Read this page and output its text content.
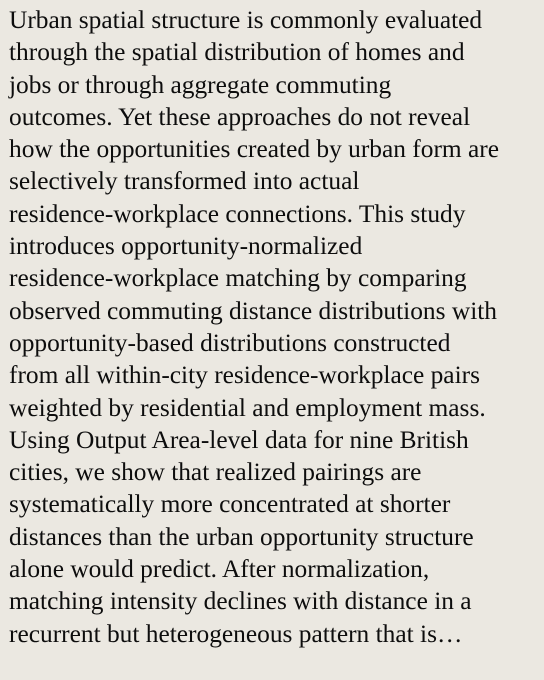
Urban spatial structure is commonly evaluated
through the spatial distribution of homes and
jobs or through aggregate commuting
outcomes. Yet these approaches do not reveal
how the opportunities created by urban form are
selectively transformed into actual
residence-workplace connections. This study
introduces opportunity-normalized
residence-workplace matching by comparing
observed commuting distance distributions with
opportunity-based distributions constructed
from all within-city residence-workplace pairs
weighted by residential and employment mass.
Using Output Area-level data for nine British
cities, we show that realized pairings are
systematically more concentrated at shorter
distances than the urban opportunity structure
alone would predict. After normalization,
matching intensity declines with distance in a
recurrent but heterogeneous pattern that is…
